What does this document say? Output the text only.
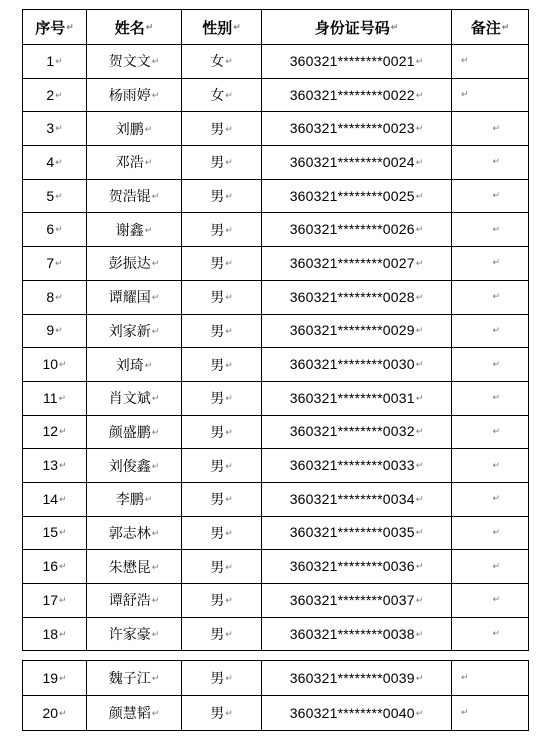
序号↵	姓名↵	性别↵	身份证号码↵	备注↵
1↵	贺文文↵	女↵	360321********0021↵	↵
2↵	杨雨婷↵	女↵	360321********0022↵	↵
3↵	刘鹏↵	男↵	360321********0023↵	↵
4↵	邓浩↵	男↵	360321********0024↵	↵
5↵	贺浩锟↵	男↵	360321********0025↵	↵
6↵	谢鑫↵	男↵	360321********0026↵	↵
7↵	彭振达↵	男↵	360321********0027↵	↵
8↵	谭耀国↵	男↵	360321********0028↵	↵
9↵	刘家新↵	男↵	360321********0029↵	↵
10↵	刘琦↵	男↵	360321********0030↵	↵
11↵	肖文斌↵	男↵	360321********0031↵	↵
12↵	颜盛鹏↵	男↵	360321********0032↵	↵
13↵	刘俊鑫↵	男↵	360321********0033↵	↵
14↵	李鹏↵	男↵	360321********0034↵	↵
15↵	郭志林↵	男↵	360321********0035↵	↵
16↵	朱懋昆↵	男↵	360321********0036↵	↵
17↵	谭舒浩↵	男↵	360321********0037↵	↵
18↵	许家豪↵	男↵	360321********0038↵	↵
19↵	魏子江↵	男↵	360321********0039↵	↵
20↵	颜慧韬↵	男↵	360321********0040↵	↵
